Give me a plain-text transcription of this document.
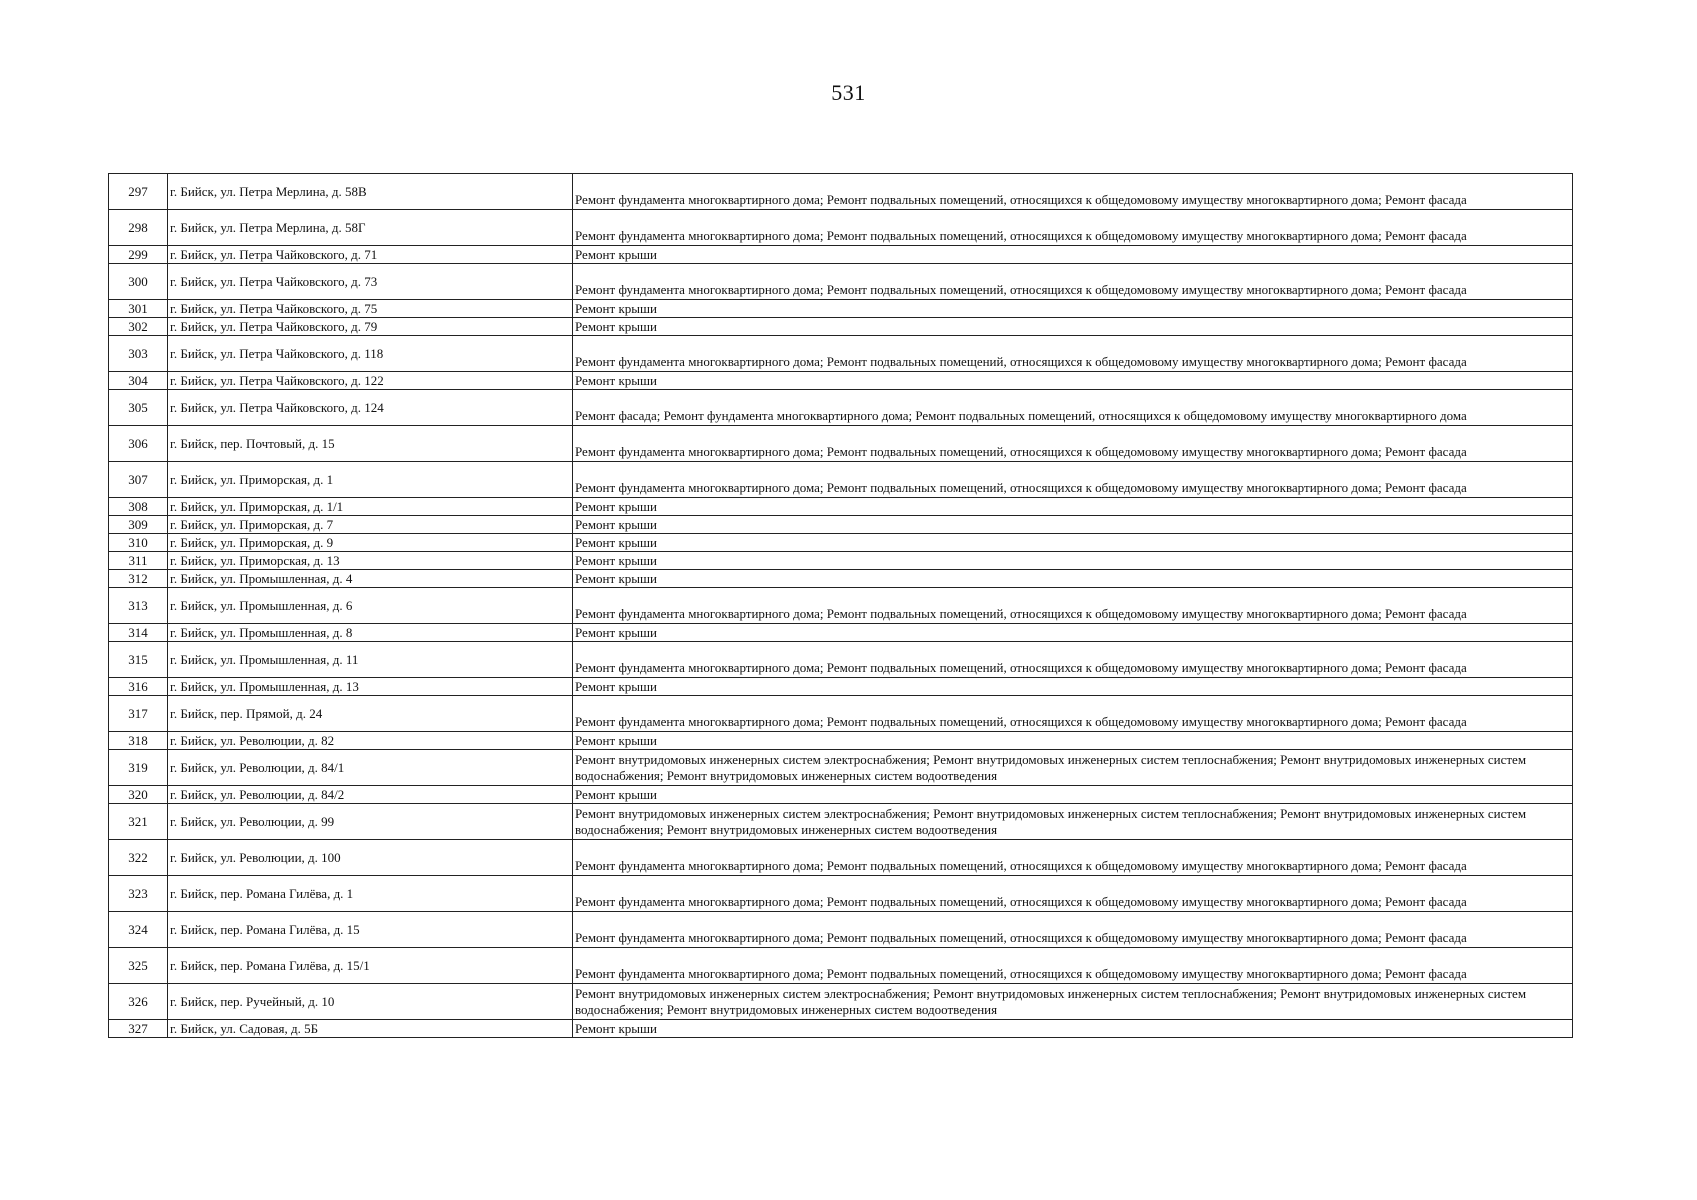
531
297	г. Бийск, ул. Петра Мерлина, д. 58В	Ремонт фундамента многоквартирного дома; Ремонт подвальных помещений, относящихся к общедомовому имуществу многоквартирного дома; Ремонт фасада
298	г. Бийск, ул. Петра Мерлина, д. 58Г	Ремонт фундамента многоквартирного дома; Ремонт подвальных помещений, относящихся к общедомовому имуществу многоквартирного дома; Ремонт фасада
299	г. Бийск, ул. Петра Чайковского, д. 71	Ремонт крыши
300	г. Бийск, ул. Петра Чайковского, д. 73	Ремонт фундамента многоквартирного дома; Ремонт подвальных помещений, относящихся к общедомовому имуществу многоквартирного дома; Ремонт фасада
301	г. Бийск, ул. Петра Чайковского, д. 75	Ремонт крыши
302	г. Бийск, ул. Петра Чайковского, д. 79	Ремонт крыши
303	г. Бийск, ул. Петра Чайковского, д. 118	Ремонт фундамента многоквартирного дома; Ремонт подвальных помещений, относящихся к общедомовому имуществу многоквартирного дома; Ремонт фасада
304	г. Бийск, ул. Петра Чайковского, д. 122	Ремонт крыши
305	г. Бийск, ул. Петра Чайковского, д. 124	Ремонт фасада; Ремонт фундамента многоквартирного дома; Ремонт подвальных помещений, относящихся к общедомовому имуществу многоквартирного дома
306	г. Бийск, пер. Почтовый, д. 15	Ремонт фундамента многоквартирного дома; Ремонт подвальных помещений, относящихся к общедомовому имуществу многоквартирного дома; Ремонт фасада
307	г. Бийск, ул. Приморская, д. 1	Ремонт фундамента многоквартирного дома; Ремонт подвальных помещений, относящихся к общедомовому имуществу многоквартирного дома; Ремонт фасада
308	г. Бийск, ул. Приморская, д. 1/1	Ремонт крыши
309	г. Бийск, ул. Приморская, д. 7	Ремонт крыши
310	г. Бийск, ул. Приморская, д. 9	Ремонт крыши
311	г. Бийск, ул. Приморская, д. 13	Ремонт крыши
312	г. Бийск, ул. Промышленная, д. 4	Ремонт крыши
313	г. Бийск, ул. Промышленная, д. 6	Ремонт фундамента многоквартирного дома; Ремонт подвальных помещений, относящихся к общедомовому имуществу многоквартирного дома; Ремонт фасада
314	г. Бийск, ул. Промышленная, д. 8	Ремонт крыши
315	г. Бийск, ул. Промышленная, д. 11	Ремонт фундамента многоквартирного дома; Ремонт подвальных помещений, относящихся к общедомовому имуществу многоквартирного дома; Ремонт фасада
316	г. Бийск, ул. Промышленная, д. 13	Ремонт крыши
317	г. Бийск, пер. Прямой, д. 24	Ремонт фундамента многоквартирного дома; Ремонт подвальных помещений, относящихся к общедомовому имуществу многоквартирного дома; Ремонт фасада
318	г. Бийск, ул. Революции, д. 82	Ремонт крыши
319	г. Бийск, ул. Революции, д. 84/1	Ремонт внутридомовых инженерных систем электроснабжения; Ремонт внутридомовых инженерных систем теплоснабжения; Ремонт внутридомовых инженерных систем водоснабжения; Ремонт внутридомовых инженерных систем водоотведения
320	г. Бийск, ул. Революции, д. 84/2	Ремонт крыши
321	г. Бийск, ул. Революции, д. 99	Ремонт внутридомовых инженерных систем электроснабжения; Ремонт внутридомовых инженерных систем теплоснабжения; Ремонт внутридомовых инженерных систем водоснабжения; Ремонт внутридомовых инженерных систем водоотведения
322	г. Бийск, ул. Революции, д. 100	Ремонт фундамента многоквартирного дома; Ремонт подвальных помещений, относящихся к общедомовому имуществу многоквартирного дома; Ремонт фасада
323	г. Бийск, пер. Романа Гилёва, д. 1	Ремонт фундамента многоквартирного дома; Ремонт подвальных помещений, относящихся к общедомовому имуществу многоквартирного дома; Ремонт фасада
324	г. Бийск, пер. Романа Гилёва, д. 15	Ремонт фундамента многоквартирного дома; Ремонт подвальных помещений, относящихся к общедомовому имуществу многоквартирного дома; Ремонт фасада
325	г. Бийск, пер. Романа Гилёва, д. 15/1	Ремонт фундамента многоквартирного дома; Ремонт подвальных помещений, относящихся к общедомовому имуществу многоквартирного дома; Ремонт фасада
326	г. Бийск, пер. Ручейный, д. 10	Ремонт внутридомовых инженерных систем электроснабжения; Ремонт внутридомовых инженерных систем теплоснабжения; Ремонт внутридомовых инженерных систем водоснабжения; Ремонт внутридомовых инженерных систем водоотведения
327	г. Бийск, ул. Садовая, д. 5Б	Ремонт крыши
